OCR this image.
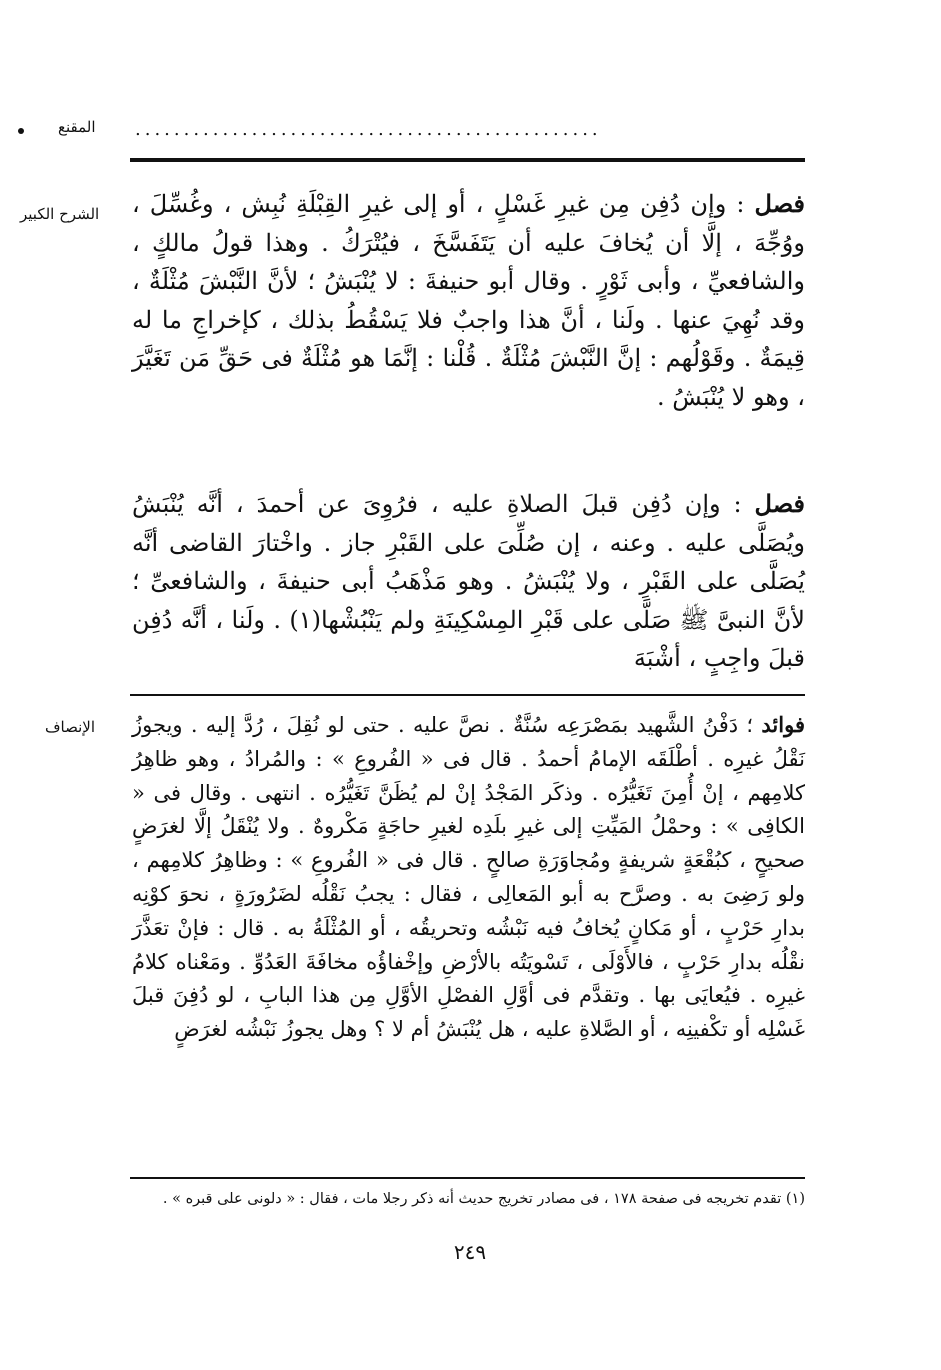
المقنع ................................................
الشرح الكبير
الإنصاف

فصل : وإن دُفِن مِن غيرِ غَسْلٍ ، أو إلى غيرِ القِبْلَةِ نُبِش ، وغُسِّلَ ، ووُجِّهَ ، إلَّا أن يُخافَ عليه أن يَتَفَسَّخَ ، فيُتْرَكُ . وهذا قولُ مالكٍ ، والشافعيِّ ، وأبى ثَوْرٍ . وقال أبو حنيفةَ : لا يُنْبَشُ ؛ لأنَّ النَّبْشَ مُثْلَةٌ ، وقد نُهِيَ عنها . ولَنا ، أنَّ هذا واجبٌ فلا يَسْقُطُ بذلك ، كإخراجِ ما له قِيمَةٌ . وقَوْلُهم : إنَّ النَّبْشَ مُثْلَةٌ . قُلْنا : إنَّمَا هو مُثْلَةٌ فى حَقِّ مَن تَغَيَّرَ ، وهو لا يُنْبَشُ .

فصل : وإن دُفِن قبلَ الصلاةِ عليه ، فرُوِىَ عن أحمدَ ، أنَّه يُنْبَشُ ويُصَلَّى عليه . وعنه ، إن صُلِّىَ على القَبْرِ جاز . واخْتارَ القاضى أنَّه يُصَلَّى على القَبْرِ ، ولا يُنْبَشُ . وهو مَذْهَبُ أبى حنيفةَ ، والشافعىِّ ؛ لأنَّ النبىَّ ﷺ صَلَّى على قَبْرِ المِسْكِينَةِ ولم يَنْبُشْها(١) . ولَنا ، أنَّه دُفِن قبلَ واجِبٍ ، أشْبَهَ

فوائد ؛ دَفْنُ الشَّهيد بمَصْرَعِه سُنَّةٌ . نصَّ عليه . حتى لو نُقِلَ ، رُدَّ إليه . ويجوزُ نَقْلُ غيرِه . أطْلَقَه الإمامُ أحمدُ . قال فى « الفُروعِ » : والمُرادُ ، وهو ظاهِرُ كلامِهم ، إنْ أُمِنَ تَغَيُّرُه . وذكَر المَجْدُ إنْ لم يُظَنَّ تَغَيُّرُه . انتهى . وقال فى « الكافِى » : وحمْلُ المَيِّتِ إلى غيرِ بلَدِه لغيرِ حاجَةٍ مَكْروهٌ . ولا يُنْقَلُ إلَّا لغرَضٍ صحيحٍ ، كبُقْعَةٍ شريفةٍ ومُجاوَرَةِ صالحٍ . قال فى « الفُروعِ » : وظاهِرُ كلامِهم ، ولو رَضِىَ به . وصرَّح به أبو المَعالِى ، فقال : يجبُ نَقْلُه لضَرُورَةٍ ، نحوَ كوْنِه بدارِ حَرْبٍ ، أو مَكانٍ يُخافُ فيه نَبْشُه وتحريقُه ، أو المُثْلَةُ به . قال : فإنْ تعَذَّرَ نقْلُه بدارِ حَرْبٍ ، فالأَوْلَى ، تَسْويَتُه بالأرْضِ وإخْفاؤُه مخافَةَ العَدُوِّ . ومَعْناه كلامُ غيرِه . فيُعايَى بها . وتقدَّم فى أوَّلِ الفصْلِ الأوَّلِ مِن هذا البابِ ، لو دُفِنَ قبلَ غَسْلِه أو تكْفينِه ، أو الصَّلاةِ عليه ، هل يُنْبَشُ أم لا ؟ وهل يجوزُ نَبْشُه لغرَضٍ

(١) تقدم تخريجه فى صفحة ١٧٨ ، فى مصادر تخريج حديث أنه ذكر رجلا مات ، فقال : « دلونى على قبره » .
٢٤٩
